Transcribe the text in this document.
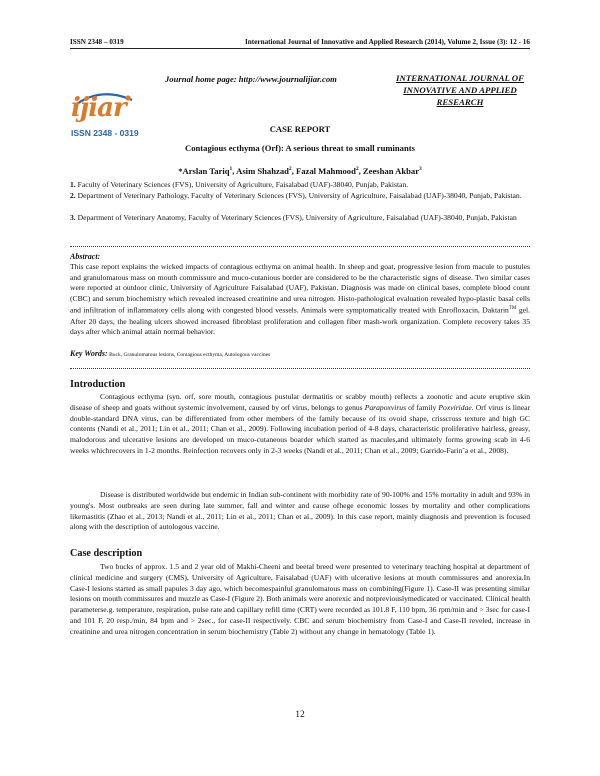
ISSN 2348 – 0319	International Journal of Innovative and Applied Research (2014), Volume 2, Issue (3): 12 - 16
ijiar
ISSN 2348 - 0319
Journal home page: http://www.journalijiar.com	INTERNATIONAL JOURNAL OF INNOVATIVE AND APPLIED RESEARCH
CASE REPORT
Contagious ecthyma (Orf): A serious threat to small ruminants
*Arslan Tariq$^1$, Asim Shahzad$^2$, Fazal Mahmood$^2$, Zeeshan Akbar$^3$
1. Faculty of Veterinary Sciences (FVS), University of Agriculture, Faisalabad (UAF)-38040, Punjab, Pakistan.
2. Department of Veterinary Pathology, Faculty of Veterinary Sciences (FVS), University of Agriculture, Faisalabad (UAF)-38040, Punjab, Pakistan.
3. Department of Veterinary Anatomy, Faculty of Veterinary Sciences (FVS), University of Agriculture, Faisalabad (UAF)-38040, Punjab, Pakistan
Abstract:
This case report explains the wicked impacts of contagious ecthyma on animal health. In sheep and goat, progressive lesion from macule to pustules and granulomatous mass on mouth commissure and muco-cutanious border are considered to be the characteristic signs of disease. Two similar cases were reported at outdoor clinic, University of Agriculture Faisalabad (UAF), Pakistan. Diagnosis was made on clinical bases, complete blood count (CBC) and serum biochemistry which revealed increased creatinine and urea nitrogen. Histo-pathological evaluation revealed hypo-plastic basal cells and infiltration of inflammatory cells along with congested blood vessels. Animals were symptomatically treated with Enrofloxacin, Daktarin™ gel. After 20 days, the healing ulcers showed increased fibroblast proliferation and collagen fiber mash-work organization. Complete recovery takes 35 days after which animal attain normal behavior.
Key Words: Buck, Granulomatous lesions, Contagious ecthyma, Autologous vaccines
Introduction
Contagious ecthyma (syn. orf, sore mouth, contagious pustular dermatitis or scabby mouth) reflects a zoonotic and acute eruptive skin disease of sheep and goats without systemic involvement, caused by orf virus, belongs to genus Parapoxvirus of family Poxviridae. Orf virus is linear double-standard DNA virus, can be differentiated from other members of the family because of its ovoid shape, crisscross texture and high GC contents (Nandi et al., 2011; Lin et al., 2011; Chan et al., 2009). Following incubation period of 4-8 days, characteristic proliferative hairless, greasy, malodorous and ulcerative lesions are developed on muco-cutaneous boarder which started as macules,and ultimately forms growing scab in 4-6 weeks whichrecovers in 1-2 months. Reinfection recovers only in 2-3 weeks (Nandi et al., 2011; Chan et al., 2009; Garrido-Farin˜a et al., 2008).
Disease is distributed worldwide but endemic in Indian sub-continent with morbidity rate of 90-100% and 15% mortality in adult and 93% in young's. Most outbreaks are seen during late summer, fall and winter and cause ofhege economic losses by mortality and other complications likemastitis (Zhao et al., 2013; Nandi et al., 2011; Lin et al., 2011; Chan et al., 2009). In this case report, mainly diagnosis and prevention is focused along with the description of autologous vaccine.
Case description
Two bucks of approx. 1.5 and 2 year old of Makhi-Cheeni and beetal breed were presented to veterinary teaching hospital at department of clinical medicine and surgery (CMS), University of Agriculture, Faisalabad (UAF) with ulcerative lesions at mouth commissures and anorexia.In Case-I lesions started as small papules 3 day ago, which becomespainful granulomatous mass on combining(Figure 1). Case-II was presenting similar lesions on mouth commissures and muzzle as Case-I (Figure 2). Both animals were anorexic and notpreviouslymedicated or vaccinated. Clinical health parameterse.g. temperature, respiration, pulse rate and capillary refill time (CRT) were recorded as 101.8 F, 110 bpm, 36 rpm/min and > 3sec for case-I and 101 F, 20 resp./min, 84 bpm and > 2sec., for case-II respectively. CBC and serum biochemistry from Case-I and Case-II reveled, increase in creatinine and urea nitrogen concentration in serum biochemistry (Table 2) without any change in hematology (Table 1).
12
